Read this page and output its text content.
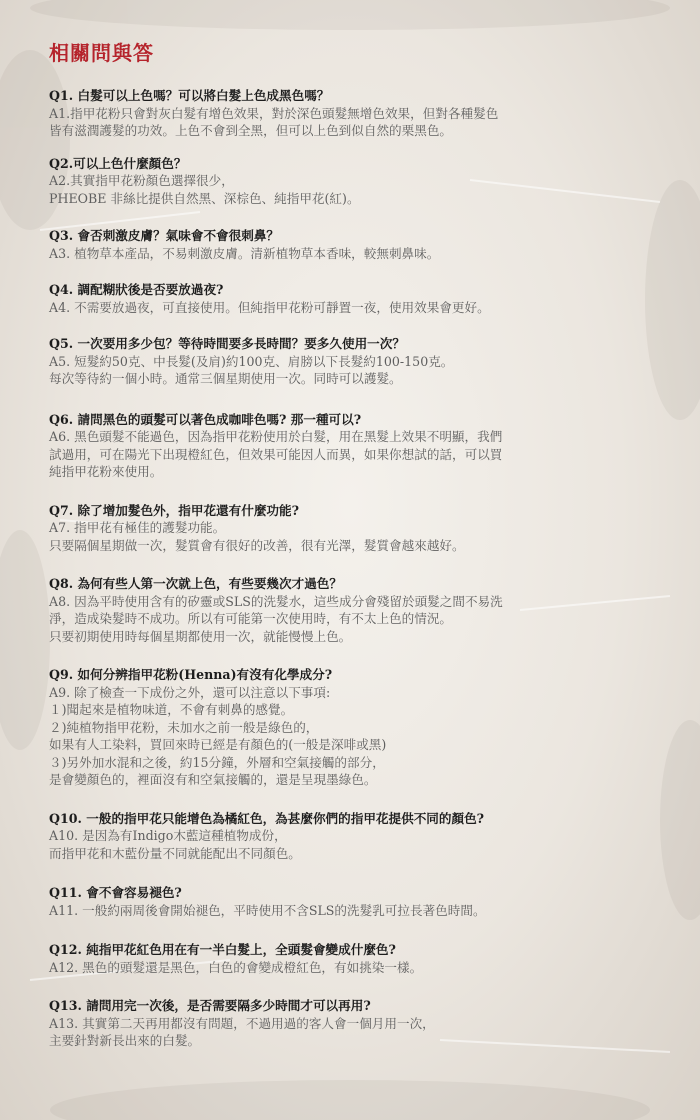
相關問與答
Q1. 白髮可以上色嗎？可以將白髮上色成黑色嗎？
A1.指甲花粉只會對灰白髮有增色效果，對於深色頭髮無增色效果，但對各種髮色
皆有滋潤護髮的功效。上色不會到全黑，但可以上色到似自然的栗黑色。
Q2.可以上色什麼顏色？
A2.其實指甲花粉顏色選擇很少，
PHEOBE 非絲比提供自然黑、深棕色、純指甲花(紅)。
Q3. 會否刺激皮膚？氣味會不會很刺鼻？
A3. 植物草本產品，不易刺激皮膚。清新植物草本香味，較無刺鼻味。
Q4. 調配糊狀後是否要放過夜?
A4. 不需要放過夜，可直接使用。但純指甲花粉可靜置一夜，使用效果會更好。
Q5. 一次要用多少包？等待時間要多長時間？要多久使用一次？
A5. 短髮約50克、中長髮(及肩)約100克、肩膀以下長髮約100-150克。
每次等待約一個小時。通常三個星期使用一次。同時可以護髮。
Q6. 請問黑色的頭髮可以著色成咖啡色嗎? 那一種可以?
A6. 黑色頭髮不能過色，因為指甲花粉使用於白髮，用在黑髮上效果不明顯，我們
試過用，可在陽光下出現橙紅色，但效果可能因人而異，如果你想試的話，可以買
純指甲花粉來使用。
Q7. 除了增加髮色外，指甲花還有什麼功能?
A7. 指甲花有極佳的護髮功能。
只要隔個星期做一次，髮質會有很好的改善，很有光澤，髮質會越來越好。
Q8. 為何有些人第一次就上色，有些要幾次才過色？
A8. 因為平時使用含有的矽靈或SLS的洗髮水，這些成分會殘留於頭髮之間不易洗
淨，造成染髮時不成功。所以有可能第一次使用時，有不太上色的情況。
只要初期使用時每個星期都使用一次，就能慢慢上色。
Q9. 如何分辨指甲花粉(Henna)有沒有化學成分?
A9. 除了檢查一下成份之外，還可以注意以下事項:
１)聞起來是植物味道，不會有刺鼻的感覺。
２)純植物指甲花粉，未加水之前一般是綠色的，
如果有人工染料，買回來時已經是有顏色的(一般是深啡或黑)
３)另外加水混和之後，約15分鐘，外層和空氣接觸的部分，
是會變顏色的，裡面沒有和空氣接觸的，還是呈現墨綠色。
Q10. 一般的指甲花只能增色為橘紅色，為甚麼你們的指甲花提供不同的顏色?
A10. 是因為有Indigo木藍這種植物成份，
而指甲花和木藍份量不同就能配出不同顏色。
Q11. 會不會容易褪色?
A11. 一般約兩周後會開始褪色，平時使用不含SLS的洗髮乳可拉長著色時間。
Q12. 純指甲花紅色用在有一半白髮上，全頭髮會變成什麼色?
A12. 黑色的頭髮還是黑色，白色的會變成橙紅色，有如挑染一樣。
Q13. 請問用完一次後，是否需要隔多少時間才可以再用?
A13. 其實第二天再用都沒有問題，不過用過的客人會一個月用一次，
主要針對新長出來的白髮。
